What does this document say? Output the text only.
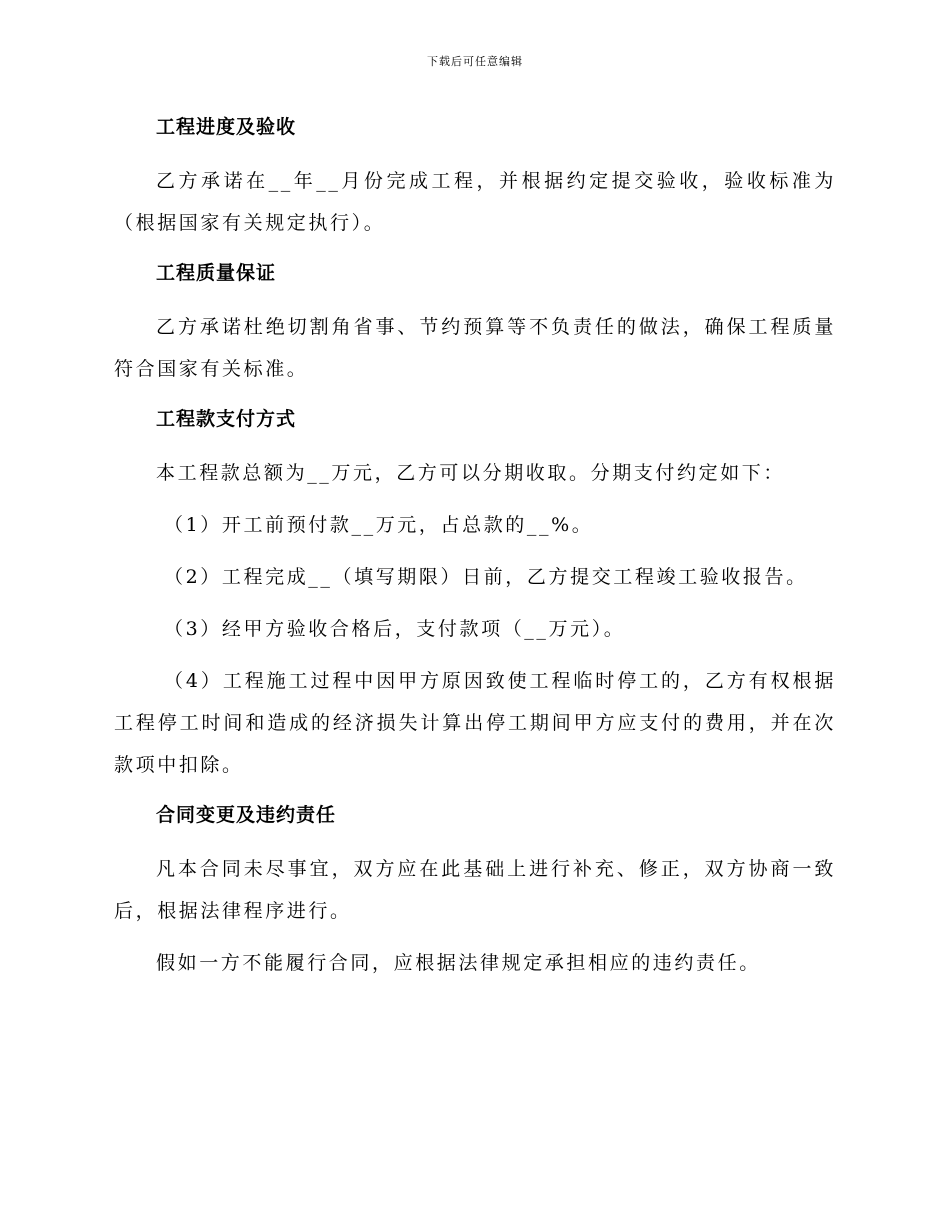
下载后可任意编辑
工程进度及验收

乙方承诺在__年__月份完成工程，并根据约定提交验收，验收标准为（根据国家有关规定执行）。

工程质量保证

乙方承诺杜绝切割角省事、节约预算等不负责任的做法，确保工程质量符合国家有关标准。

工程款支付方式

本工程款总额为__万元，乙方可以分期收取。分期支付约定如下：

（1）开工前预付款__万元，占总款的__%。

（2）工程完成__（填写期限）日前，乙方提交工程竣工验收报告。

（3）经甲方验收合格后，支付款项（__万元）。

（4）工程施工过程中因甲方原因致使工程临时停工的，乙方有权根据工程停工时间和造成的经济损失计算出停工期间甲方应支付的费用，并在次款项中扣除。

合同变更及违约责任

凡本合同未尽事宜，双方应在此基础上进行补充、修正，双方协商一致后，根据法律程序进行。

假如一方不能履行合同，应根据法律规定承担相应的违约责任。
